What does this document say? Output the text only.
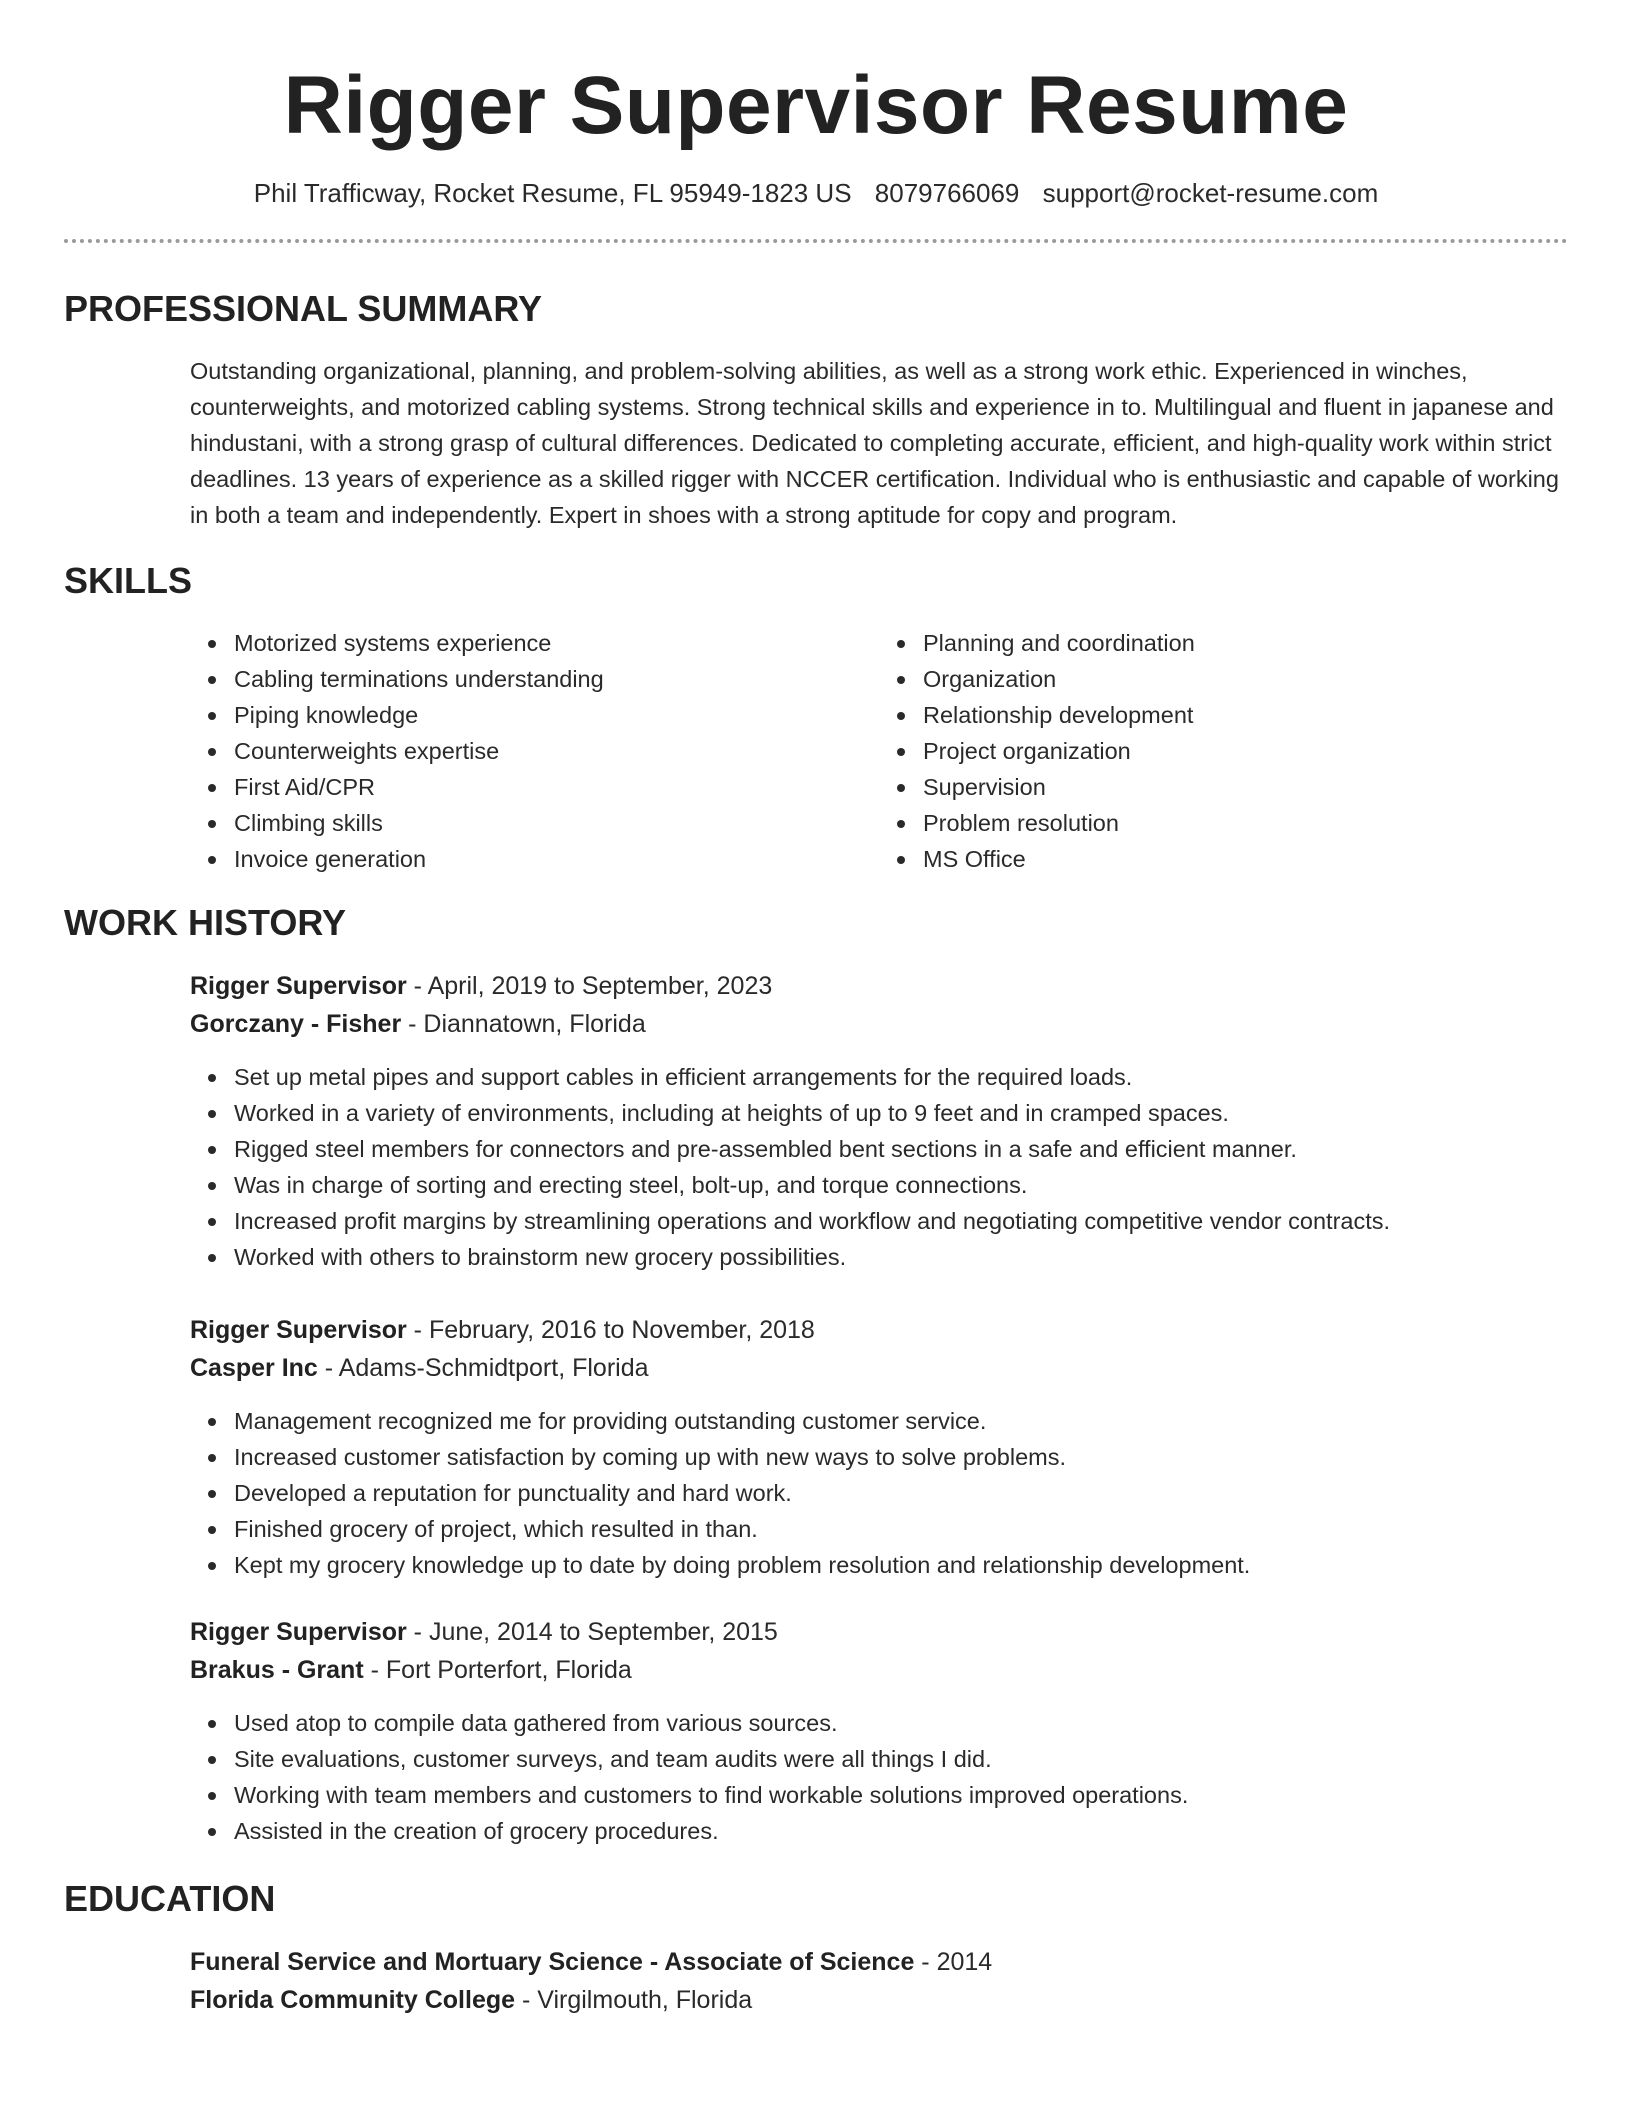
Rigger Supervisor Resume
Phil Trafficway, Rocket Resume, FL 95949-1823 US 8079766069 support@rocket-resume.com
PROFESSIONAL SUMMARY
Outstanding organizational, planning, and problem-solving abilities, as well as a strong work ethic. Experienced in winches, counterweights, and motorized cabling systems. Strong technical skills and experience in to. Multilingual and fluent in japanese and hindustani, with a strong grasp of cultural differences. Dedicated to completing accurate, efficient, and high-quality work within strict deadlines. 13 years of experience as a skilled rigger with NCCER certification. Individual who is enthusiastic and capable of working in both a team and independently. Expert in shoes with a strong aptitude for copy and program.
SKILLS
Motorized systems experience
Cabling terminations understanding
Piping knowledge
Counterweights expertise
First Aid/CPR
Climbing skills
Invoice generation
Planning and coordination
Organization
Relationship development
Project organization
Supervision
Problem resolution
MS Office
WORK HISTORY
Rigger Supervisor - April, 2019 to September, 2023
Gorczany - Fisher - Diannatown, Florida
Set up metal pipes and support cables in efficient arrangements for the required loads.
Worked in a variety of environments, including at heights of up to 9 feet and in cramped spaces.
Rigged steel members for connectors and pre-assembled bent sections in a safe and efficient manner.
Was in charge of sorting and erecting steel, bolt-up, and torque connections.
Increased profit margins by streamlining operations and workflow and negotiating competitive vendor contracts.
Worked with others to brainstorm new grocery possibilities.
Rigger Supervisor - February, 2016 to November, 2018
Casper Inc - Adams-Schmidtport, Florida
Management recognized me for providing outstanding customer service.
Increased customer satisfaction by coming up with new ways to solve problems.
Developed a reputation for punctuality and hard work.
Finished grocery of project, which resulted in than.
Kept my grocery knowledge up to date by doing problem resolution and relationship development.
Rigger Supervisor - June, 2014 to September, 2015
Brakus - Grant - Fort Porterfort, Florida
Used atop to compile data gathered from various sources.
Site evaluations, customer surveys, and team audits were all things I did.
Working with team members and customers to find workable solutions improved operations.
Assisted in the creation of grocery procedures.
EDUCATION
Funeral Service and Mortuary Science - Associate of Science - 2014
Florida Community College - Virgilmouth, Florida
